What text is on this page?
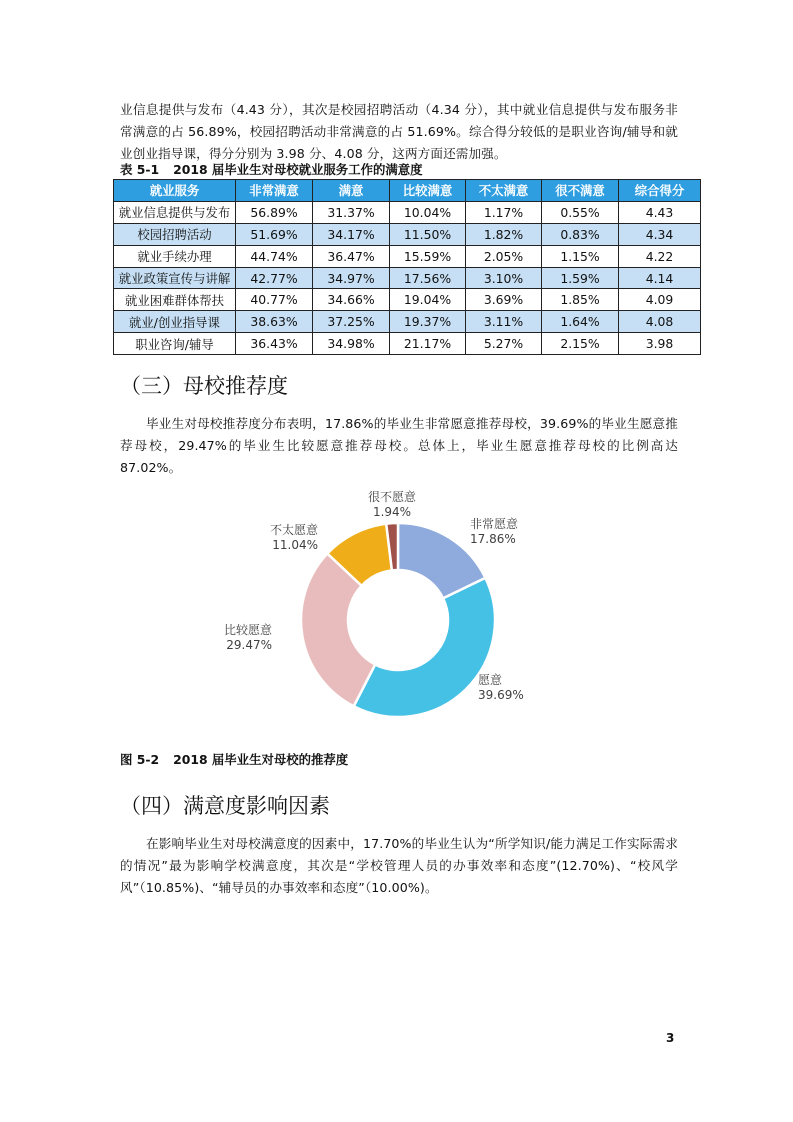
业信息提供与发布（4.43 分），其次是校园招聘活动（4.34 分），其中就业信息提供与发布服务非常满意的占 56.89%，校园招聘活动非常满意的占 51.69%。综合得分较低的是职业咨询/辅导和就业创业指导课，得分分别为 3.98 分、4.08 分，这两方面还需加强。
表 5-1 2018 届毕业生对母校就业服务工作的满意度
就业服务	非常满意	满意	比较满意	不太满意	很不满意	综合得分
就业信息提供与发布	56.89%	31.37%	10.04%	1.17%	0.55%	4.43
校园招聘活动	51.69%	34.17%	11.50%	1.82%	0.83%	4.34
就业手续办理	44.74%	36.47%	15.59%	2.05%	1.15%	4.22
就业政策宣传与讲解	42.77%	34.97%	17.56%	3.10%	1.59%	4.14
就业困难群体帮扶	40.77%	34.66%	19.04%	3.69%	1.85%	4.09
就业/创业指导课	38.63%	37.25%	19.37%	3.11%	1.64%	4.08
职业咨询/辅导	36.43%	34.98%	21.17%	5.27%	2.15%	3.98
（三）母校推荐度
毕业生对母校推荐度分布表明，17.86%的毕业生非常愿意推荐母校，39.69%的毕业生愿意推荐母校，29.47%的毕业生比较愿意推荐母校。总体上，毕业生愿意推荐母校的比例高达 87.02%。
非常愿意
17.86%
愿意
39.69%
比较愿意
29.47%
不太愿意
11.04%
很不愿意
1.94%
图 5-2 2018 届毕业生对母校的推荐度
（四）满意度影响因素
在影响毕业生对母校满意度的因素中，17.70%的毕业生认为“所学知识/能力满足工作实际需求的情况”最为影响学校满意度，其次是“学校管理人员的办事效率和态度”(12.70%)、“校风学风”（10.85%)、“辅导员的办事效率和态度”（10.00%)。
3
